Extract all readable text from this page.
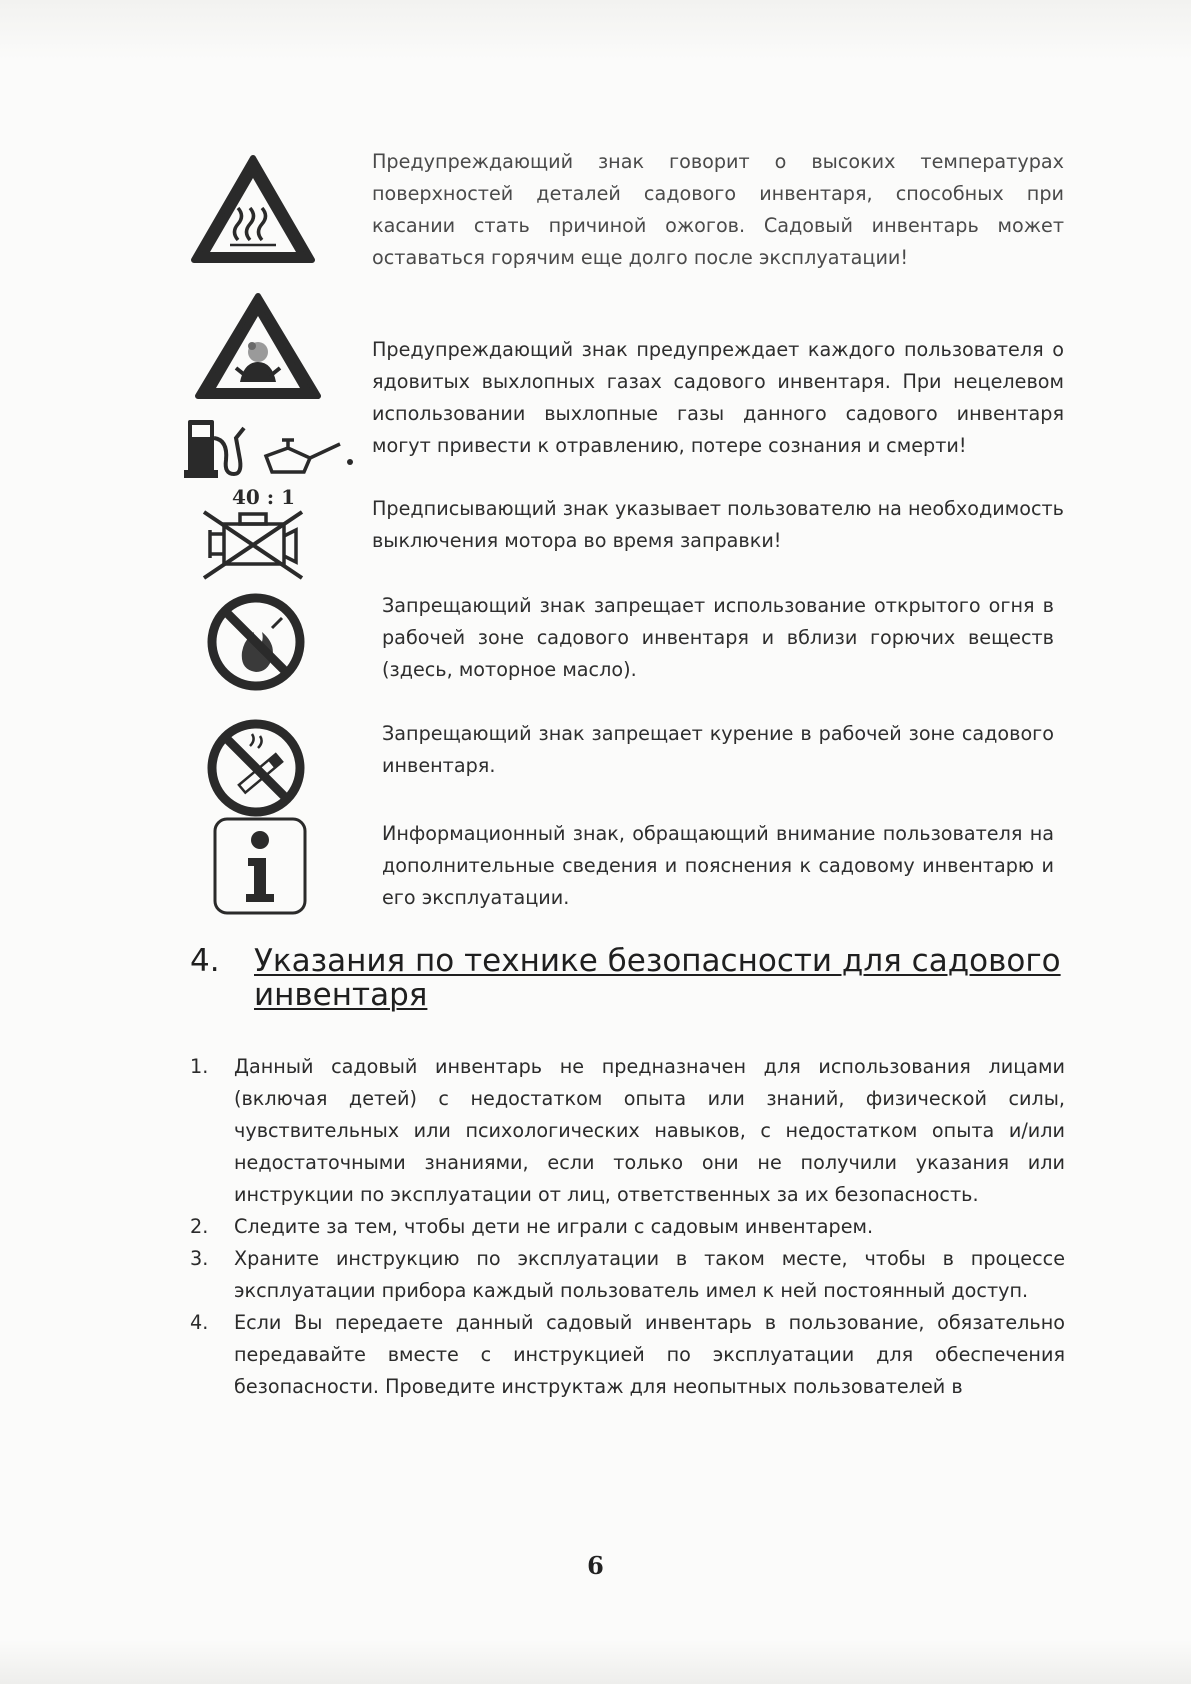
Предупреждающий знак говорит о высоких температурах поверхностей деталей садового инвентаря, способных при касании стать причиной ожогов. Садовый инвентарь может оставаться горячим еще долго после эксплуатации!

Предупреждающий знак предупреждает каждого пользователя о ядовитых выхлопных газах садового инвентаря. При нецелевом использовании выхлопные газы данного садового инвентаря могут привести к отравлению, потере сознания и смерти!

40 : 1	Предписывающий знак указывает пользователю на необходимость выключения мотора во время заправки!

Запрещающий знак запрещает использование открытого огня в рабочей зоне садового инвентаря и вблизи горючих веществ (здесь, моторное масло).

Запрещающий знак запрещает курение в рабочей зоне садового инвентаря.

Информационный знак, обращающий внимание пользователя на дополнительные сведения и пояснения к садовому инвентарю и его эксплуатации.

4. Указания по технике безопасности для садового инвентаря
1. Данный садовый инвентарь не предназначен для использования лицами (включая детей) с недостатком опыта или знаний, физической силы, чувствительных или психологических навыков, с недостатком опыта и/или недостаточными знаниями, если только они не получили указания или инструкции по эксплуатации от лиц, ответственных за их безопасность.
2. Следите за тем, чтобы дети не играли с садовым инвентарем.
3. Храните инструкцию по эксплуатации в таком месте, чтобы в процессе эксплуатации прибора каждый пользователь имел к ней постоянный доступ.
4. Если Вы передаете данный садовый инвентарь в пользование, обязательно передавайте вместе с инструкцией по эксплуатации для обеспечения безопасности. Проведите инструктаж для неопытных пользователей в
6
